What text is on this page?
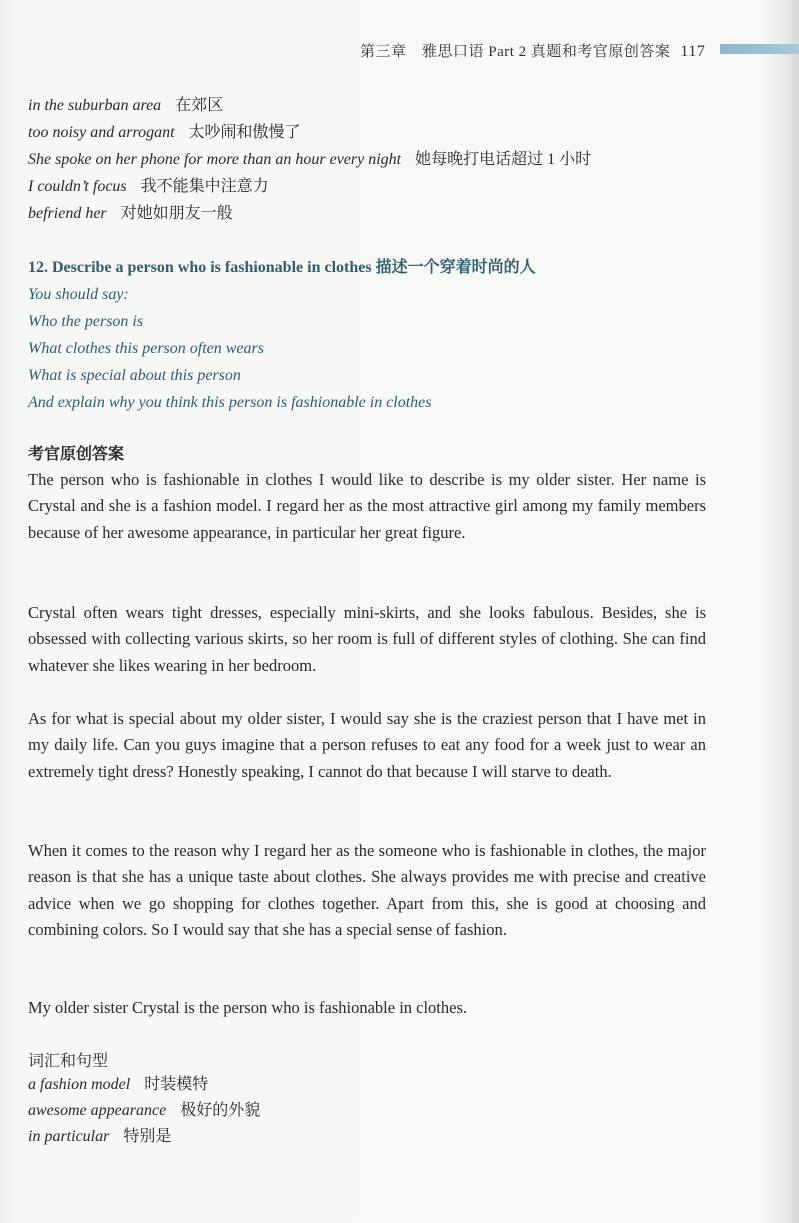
第三章　雅思口语 Part 2 真题和考官原创答案 117
in the suburban area 在郊区
too noisy and arrogant 太吵闹和傲慢了
She spoke on her phone for more than an hour every night 她每晚打电话超过 1 小时
I couldn’t focus 我不能集中注意力
befriend her 对她如朋友一般
12. Describe a person who is fashionable in clothes 描述一个穿着时尚的人
You should say:
Who the person is
What clothes this person often wears
What is special about this person
And explain why you think this person is fashionable in clothes
考官原创答案
The person who is fashionable in clothes I would like to describe is my older sister. Her name is Crystal and she is a fashion model. I regard her as the most attractive girl among my family members because of her awesome appearance, in particular her great figure.
Crystal often wears tight dresses, especially mini-skirts, and she looks fabulous. Besides, she is obsessed with collecting various skirts, so her room is full of different styles of clothing. She can find whatever she likes wearing in her bedroom.
As for what is special about my older sister, I would say she is the craziest person that I have met in my daily life. Can you guys imagine that a person refuses to eat any food for a week just to wear an extremely tight dress? Honestly speaking, I cannot do that because I will starve to death.
When it comes to the reason why I regard her as the someone who is fashionable in clothes, the major reason is that she has a unique taste about clothes. She always provides me with precise and creative advice when we go shopping for clothes together. Apart from this, she is good at choosing and combining colors. So I would say that she has a special sense of fashion.
My older sister Crystal is the person who is fashionable in clothes.
词汇和句型
a fashion model 时装模特
awesome appearance 极好的外貌
in particular 特别是
